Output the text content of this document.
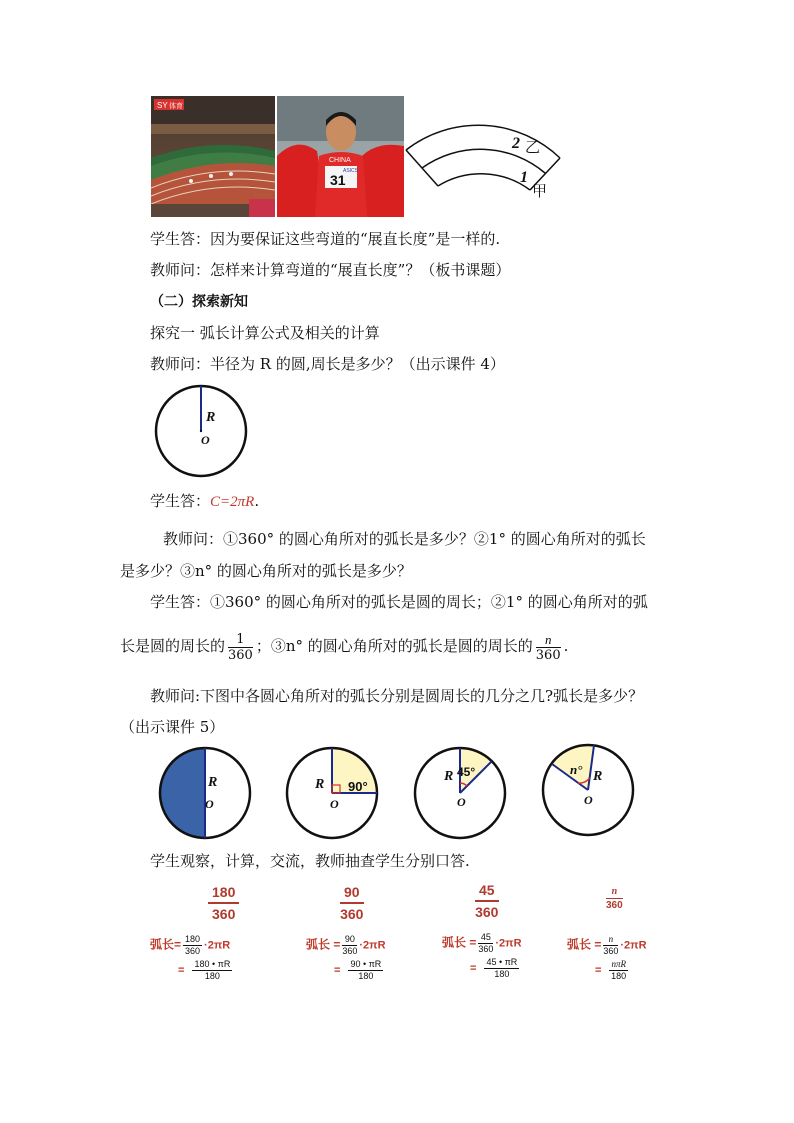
SY 体育
CHINA
ASICS
31
2 乙
1
甲
学生答：因为要保证这些弯道的“展直长度”是一样的.
教师问：怎样来计算弯道的“展直长度”？（板书课题）
（二）探索新知
探究一 弧长计算公式及相关的计算
教师问：半径为 R 的圆,周长是多少？（出示课件 4）
R
O
学生答：C=2πR.
教师问：①360° 的圆心角所对的弧长是多少？②1° 的圆心角所对的弧长
是多少？③n° 的圆心角所对的弧长是多少？
学生答：①360° 的圆心角所对的弧长是圆的周长；②1° 的圆心角所对的弧
长是圆的周长的 $\frac{1}{360}$ ；③n° 的圆心角所对的弧长是圆的周长的 $\frac{n}{360}$ .
教师问:下图中各圆心角所对的弧长分别是圆周长的几分之几?弧长是多少？
（出示课件 5）
R
O
R
O
90°
R
O
45°	R
O
n°
学生观察，计算，交流，教师抽查学生分别口答.
$\frac{180}{360}$	$\frac{90}{360}$	$\frac{45}{360}$	$\frac{n}{360}$
弧长= $\frac{180}{360} \cdot 2\pi R$
= $\frac{180 • \pi R}{180}$
弧长 = $\frac{90}{360} \cdot 2\pi R$
= $\frac{90 • \pi R}{180}$
弧长 = $\frac{45}{360} \cdot 2\pi R$
= $\frac{45 • \pi R}{180}$
弧长 = $\frac{n}{360} \cdot 2\pi R$
=
nπR
180
